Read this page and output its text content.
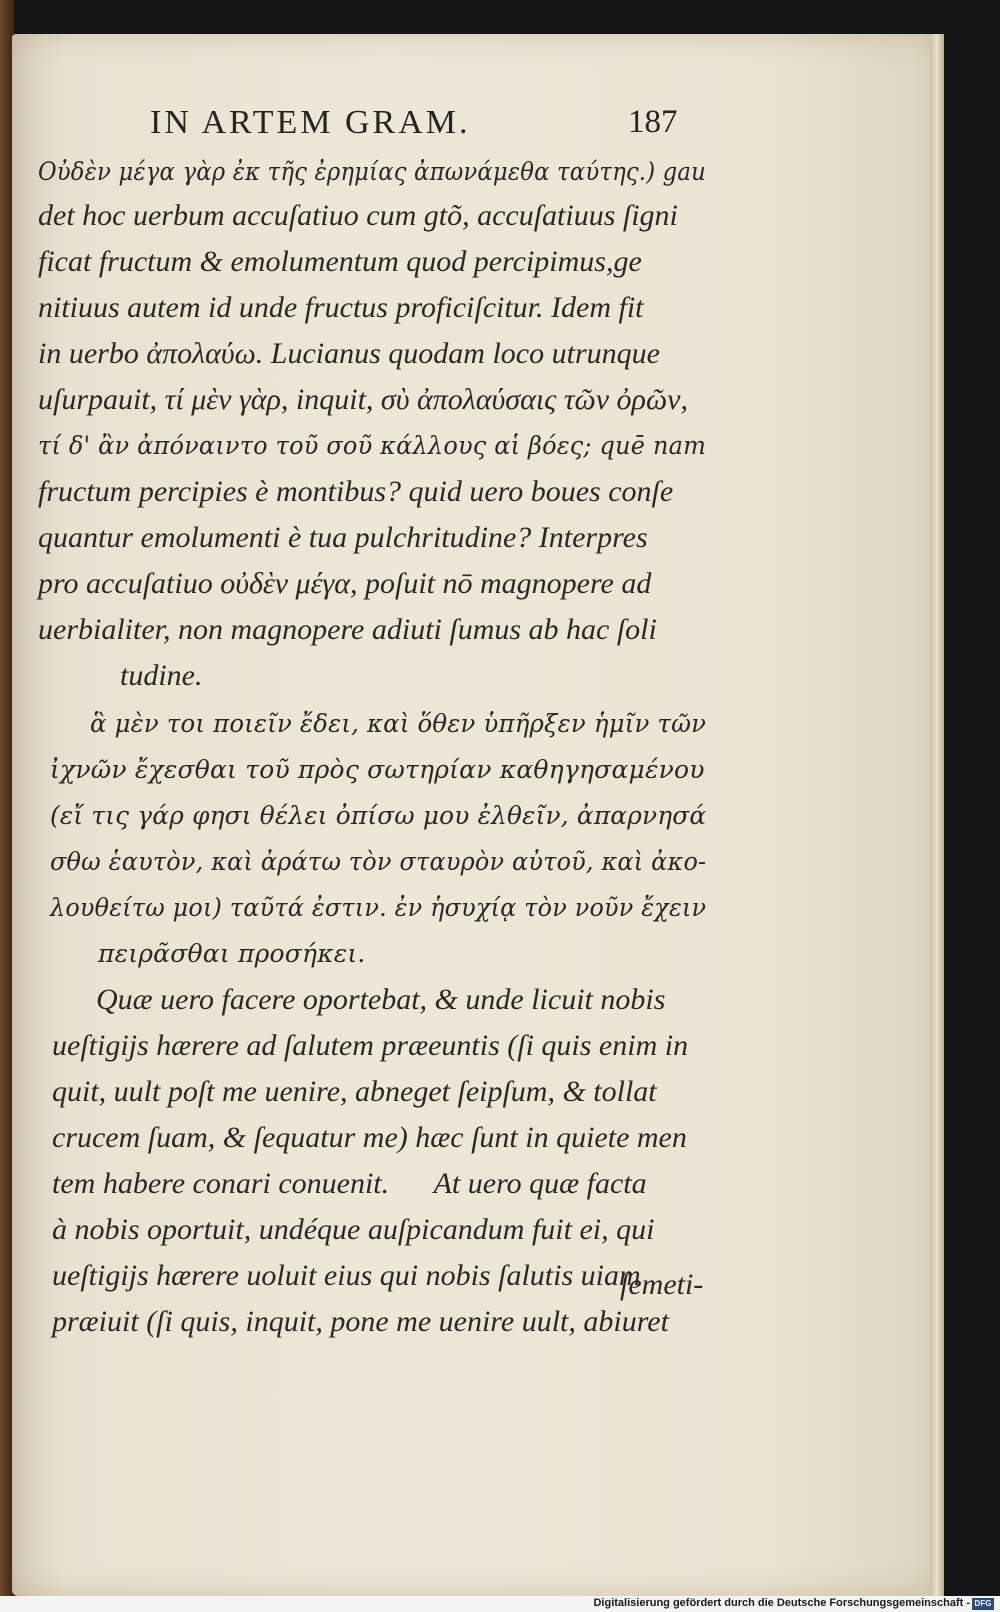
IN ARTEM GRAM.	187
Οὐδὲν μέγα γὰρ ἐκ τῆς ἐρημίας ἀπωνάμεθα ταύτης.) gau
det hoc uerbum accuſatiuo cum gtõ, accuſatiuus ſigni
ficat fructum & emolumentum quod percipimus,ge
nitiuus autem id unde fructus proficiſcitur. Idem fit
in uerbo ἀπολαύω. Lucianus quodam loco utrunque
uſurpauit, τί μὲν γὰρ, inquit, σὺ ἀπολαύσαις τῶν ὀρῶν,
τί δ' ἂν ἀπόναιντο τοῦ σοῦ κάλλους αἱ βόες; quē nam
fructum percipies è montibus? quid uero boues conſe
quantur emolumenti è tua pulchritudine? Interpres
pro accuſatiuo οὐδὲν μέγα, poſuit nō magnopere ad
uerbialiter, non magnopere adiuti ſumus ab hac ſoli
tudine.
ἃ μὲν τοι ποιεῖν ἔδει, καὶ ὅθεν ὑπῆρξεν ἡμῖν τῶν
ἰχνῶν ἔχεσθαι τοῦ πρὸς σωτηρίαν καθηγησαμένου
(εἴ τις γάρ φησι θέλει ὀπίσω μου ἐλθεῖν, ἀπαρνησά
σθω ἑαυτὸν, καὶ ἀράτω τὸν σταυρὸν αὐτοῦ, καὶ ἀκο-
λουθείτω μοι) ταῦτά ἐστιν. ἐν ἡσυχίᾳ τὸν νοῦν ἔχειν
πειρᾶσθαι προσήκει.
Quæ uero facere oportebat, & unde licuit nobis
ueſtigijs hærere ad ſalutem præeuntis (ſi quis enim in
quit, uult poſt me uenire, abneget ſeipſum, & tollat
crucem ſuam, & ſequatur me) hæc ſunt in quiete men
tem habere conari conuenit.      At uero quæ facta
à nobis oportuit, undéque auſpicandum fuit ei, qui
ueſtigijs hærere uoluit eius qui nobis ſalutis uiam
præiuit (ſi quis, inquit, pone me uenire uult, abiuret
ſemeti-
Digitalisierung gefördert durch die Deutsche Forschungsgemeinschaft - DFG
